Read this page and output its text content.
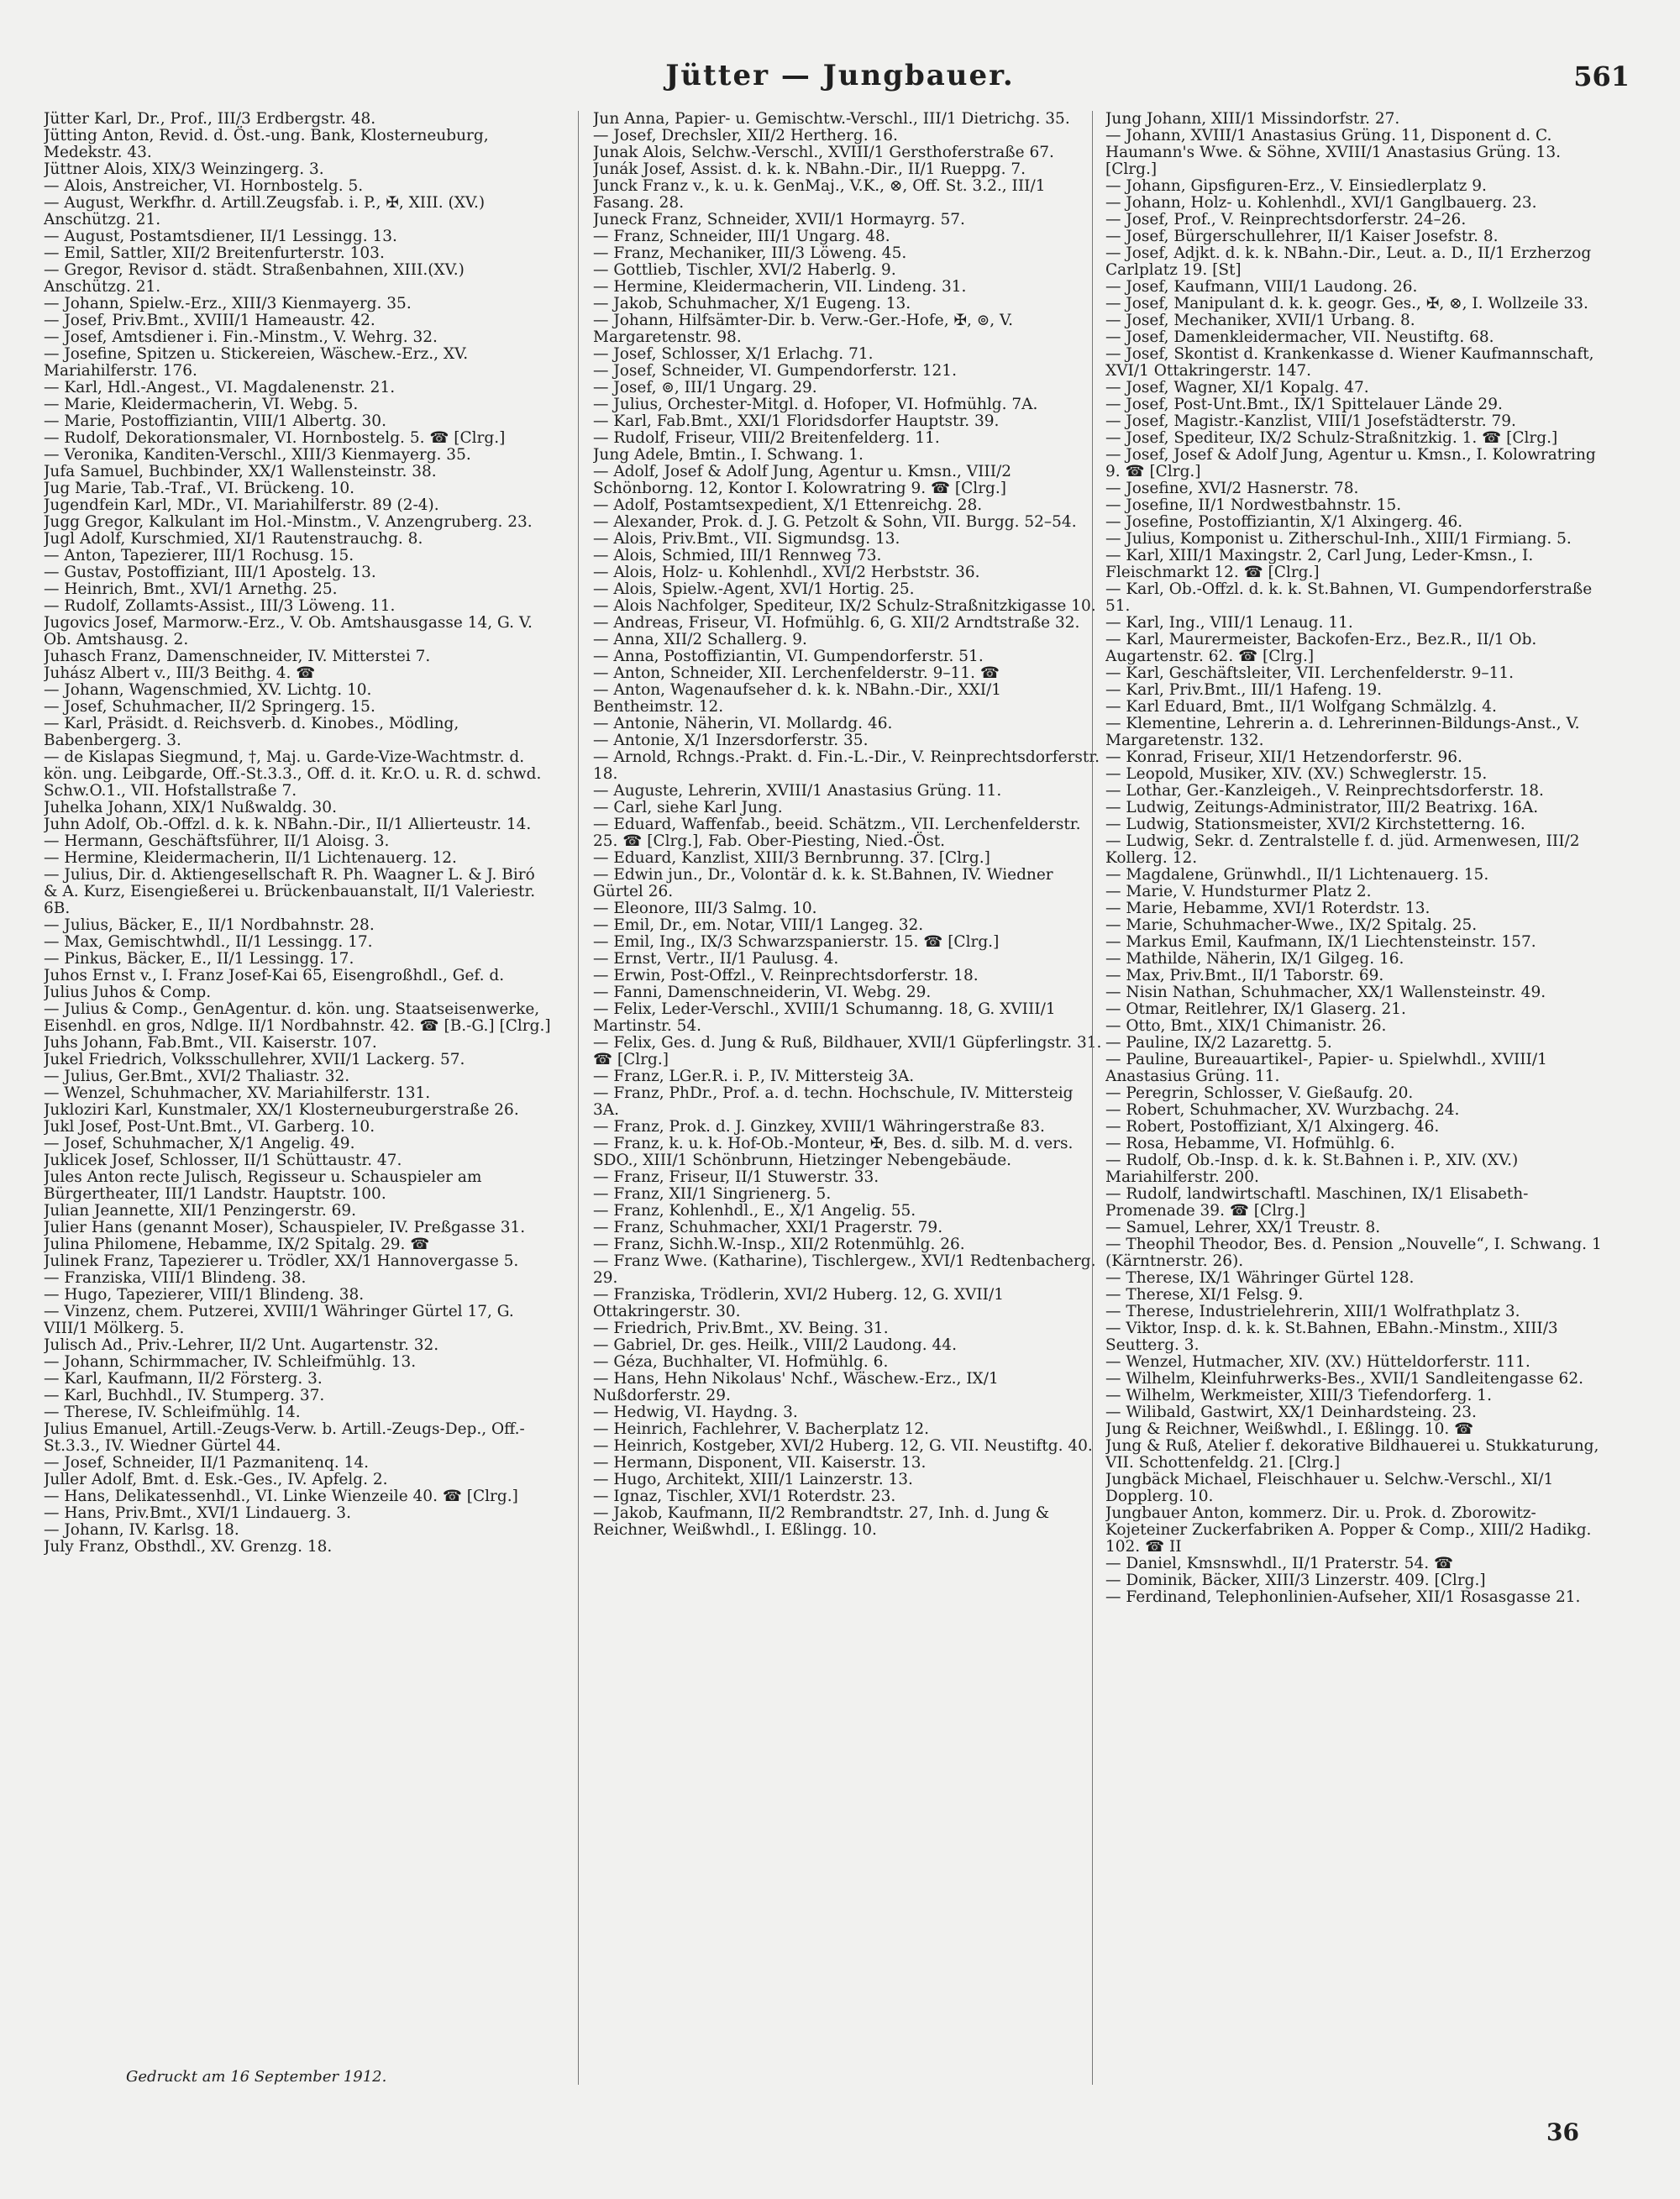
Jütter — Jungbauer.	561

Jütter Karl, Dr., Prof., III/3 Erdbergstr. 48.

Jütting Anton, Revid. d. Öst.-ung. Bank, Klosterneuburg, Medekstr. 43.

Jüttner Alois, XIX/3 Weinzingerg. 3.

— Alois, Anstreicher, VI. Hornbostelg. 5.

— August, Werkfhr. d. Artill.Zeugsfab. i. P., ✠, XIII. (XV.) Anschützg. 21.

— August, Postamtsdiener, II/1 Lessingg. 13.

— Emil, Sattler, XII/2 Breitenfurterstr. 103.

— Gregor, Revisor d. städt. Straßenbahnen, XIII.(XV.) Anschützg. 21.

— Johann, Spielw.-Erz., XIII/3 Kienmayerg. 35.

— Josef, Priv.Bmt., XVIII/1 Hameaustr. 42.

— Josef, Amtsdiener i. Fin.-Minstm., V. Wehrg. 32.

— Josefine, Spitzen u. Stickereien, Wäschew.-Erz., XV. Mariahilferstr. 176.

— Karl, Hdl.-Angest., VI. Magdalenenstr. 21.

— Marie, Kleidermacherin, VI. Webg. 5.

— Marie, Postoffiziantin, VIII/1 Albertg. 30.

— Rudolf, Dekorationsmaler, VI. Hornbostelg. 5. ☎ [Clrg.]

— Veronika, Kanditen-Verschl., XIII/3 Kienmayerg. 35.

Jufa Samuel, Buchbinder, XX/1 Wallensteinstr. 38.

Jug Marie, Tab.-Traf., VI. Brückeng. 10.

Jugendfein Karl, MDr., VI. Mariahilferstr. 89 (2-4).

Jugg Gregor, Kalkulant im Hol.-Minstm., V. Anzengruberg. 23.

Jugl Adolf, Kurschmied, XI/1 Rautenstrauchg. 8.

— Anton, Tapezierer, III/1 Rochusg. 15.

— Gustav, Postoffiziant, III/1 Apostelg. 13.

— Heinrich, Bmt., XVI/1 Arnethg. 25.

— Rudolf, Zollamts-Assist., III/3 Löweng. 11.

Jugovics Josef, Marmorw.-Erz., V. Ob. Amtshausgasse 14, G. V. Ob. Amtshausg. 2.

Juhasch Franz, Damenschneider, IV. Mitterstei 7.

Juhász Albert v., III/3 Beithg. 4. ☎

— Johann, Wagenschmied, XV. Lichtg. 10.

— Josef, Schuhmacher, II/2 Springerg. 15.

— Karl, Präsidt. d. Reichsverb. d. Kinobes., Mödling, Babenbergerg. 3.

— de Kislapas Siegmund, †, Maj. u. Garde-Vize-Wachtmstr. d. kön. ung. Leibgarde, Off.-St.3.3., Off. d. it. Kr.O. u. R. d. schwd. Schw.O.1., VII. Hofstallstraße 7.

Juhelka Johann, XIX/1 Nußwaldg. 30.

Juhn Adolf, Ob.-Offzl. d. k. k. NBahn.-Dir., II/1 Allierteustr. 14.

— Hermann, Geschäftsführer, II/1 Aloisg. 3.

— Hermine, Kleidermacherin, II/1 Lichtenauerg. 12.

— Julius, Dir. d. Aktiengesellschaft R. Ph. Waagner L. & J. Biró & A. Kurz, Eisengießerei u. Brückenbauanstalt, II/1 Valeriestr. 6B.

— Julius, Bäcker, E., II/1 Nordbahnstr. 28.

— Max, Gemischtwhdl., II/1 Lessingg. 17.

— Pinkus, Bäcker, E., II/1 Lessingg. 17.

Juhos Ernst v., I. Franz Josef-Kai 65, Eisengroßhdl., Gef. d. Julius Juhos & Comp.

— Julius & Comp., GenAgentur. d. kön. ung. Staatseisenwerke, Eisenhdl. en gros, Ndlge. II/1 Nordbahnstr. 42. ☎ [B.-G.] [Clrg.]

Juhs Johann, Fab.Bmt., VII. Kaiserstr. 107.

Jukel Friedrich, Volksschullehrer, XVII/1 Lackerg. 57.

— Julius, Ger.Bmt., XVI/2 Thaliastr. 32.

— Wenzel, Schuhmacher, XV. Mariahilferstr. 131.

Jukloziri Karl, Kunstmaler, XX/1 Klosterneuburgerstraße 26.

Jukl Josef, Post-Unt.Bmt., VI. Garberg. 10.

— Josef, Schuhmacher, X/1 Angelig. 49.

Juklicek Josef, Schlosser, II/1 Schüttaustr. 47.

Jules Anton recte Julisch, Regisseur u. Schauspieler am Bürgertheater, III/1 Landstr. Hauptstr. 100.

Julian Jeannette, XII/1 Penzingerstr. 69.

Julier Hans (genannt Moser), Schauspieler, IV. Preßgasse 31.

Julina Philomene, Hebamme, IX/2 Spitalg. 29. ☎

Julinek Franz, Tapezierer u. Trödler, XX/1 Hannovergasse 5.

— Franziska, VIII/1 Blindeng. 38.

— Hugo, Tapezierer, VIII/1 Blindeng. 38.

— Vinzenz, chem. Putzerei, XVIII/1 Währinger Gürtel 17, G. VIII/1 Mölkerg. 5.

Julisch Ad., Priv.-Lehrer, II/2 Unt. Augartenstr. 32.

— Johann, Schirmmacher, IV. Schleifmühlg. 13.

— Karl, Kaufmann, II/2 Försterg. 3.

— Karl, Buchhdl., IV. Stumperg. 37.

— Therese, IV. Schleifmühlg. 14.

Julius Emanuel, Artill.-Zeugs-Verw. b. Artill.-Zeugs-Dep., Off.-St.3.3., IV. Wiedner Gürtel 44.

— Josef, Schneider, II/1 Pazmanitenq. 14.

Juller Adolf, Bmt. d. Esk.-Ges., IV. Apfelg. 2.

— Hans, Delikatessenhdl., VI. Linke Wienzeile 40. ☎ [Clrg.]

— Hans, Priv.Bmt., XVI/1 Lindauerg. 3.

— Johann, IV. Karlsg. 18.

July Franz, Obsthdl., XV. Grenzg. 18.

Jun Anna, Papier- u. Gemischtw.-Verschl., III/1 Dietrichg. 35.

— Josef, Drechsler, XII/2 Hertherg. 16.

Junak Alois, Selchw.-Verschl., XVIII/1 Gersthoferstraße 67.

Junák Josef, Assist. d. k. k. NBahn.-Dir., II/1 Rueppg. 7.

Junck Franz v., k. u. k. GenMaj., V.K., ⊗, Off. St. 3.2., III/1 Fasang. 28.

Juneck Franz, Schneider, XVII/1 Hormayrg. 57.

— Franz, Schneider, III/1 Ungarg. 48.

— Franz, Mechaniker, III/3 Löweng. 45.

— Gottlieb, Tischler, XVI/2 Haberlg. 9.

— Hermine, Kleidermacherin, VII. Lindeng. 31.

— Jakob, Schuhmacher, X/1 Eugeng. 13.

— Johann, Hilfsämter-Dir. b. Verw.-Ger.-Hofe, ✠, ⊚, V. Margaretenstr. 98.

— Josef, Schlosser, X/1 Erlachg. 71.

— Josef, Schneider, VI. Gumpendorferstr. 121.

— Josef, ⊚, III/1 Ungarg. 29.

— Julius, Orchester-Mitgl. d. Hofoper, VI. Hofmühlg. 7A.

— Karl, Fab.Bmt., XXI/1 Floridsdorfer Hauptstr. 39.

— Rudolf, Friseur, VIII/2 Breitenfelderg. 11.

Jung Adele, Bmtin., I. Schwang. 1.

— Adolf, Josef & Adolf Jung, Agentur u. Kmsn., VIII/2 Schönborng. 12, Kontor I. Kolowratring 9. ☎ [Clrg.]

— Adolf, Postamtsexpedient, X/1 Ettenreichg. 28.

— Alexander, Prok. d. J. G. Petzolt & Sohn, VII. Burgg. 52–54.

— Alois, Priv.Bmt., VII. Sigmundsg. 13.

— Alois, Schmied, III/1 Rennweg 73.

— Alois, Holz- u. Kohlenhdl., XVI/2 Herbststr. 36.

— Alois, Spielw.-Agent, XVI/1 Hortig. 25.

— Alois Nachfolger, Spediteur, IX/2 Schulz-Straßnitzkigasse 10.

— Andreas, Friseur, VI. Hofmühlg. 6, G. XII/2 Arndtstraße 32.

— Anna, XII/2 Schallerg. 9.

— Anna, Postoffiziantin, VI. Gumpendorferstr. 51.

— Anton, Schneider, XII. Lerchenfelderstr. 9–11. ☎

— Anton, Wagenaufseher d. k. k. NBahn.-Dir., XXI/1 Bentheimstr. 12.

— Antonie, Näherin, VI. Mollardg. 46.

— Antonie, X/1 Inzersdorferstr. 35.

— Arnold, Rchngs.-Prakt. d. Fin.-L.-Dir., V. Reinprechtsdorferstr. 18.

— Auguste, Lehrerin, XVIII/1 Anastasius Grüng. 11.

— Carl, siehe Karl Jung.

— Eduard, Waffenfab., beeid. Schätzm., VII. Lerchenfelderstr. 25. ☎ [Clrg.], Fab. Ober-Piesting, Nied.-Öst.

— Eduard, Kanzlist, XIII/3 Bernbrunng. 37. [Clrg.]

— Edwin jun., Dr., Volontär d. k. k. St.Bahnen, IV. Wiedner Gürtel 26.

— Eleonore, III/3 Salmg. 10.

— Emil, Dr., em. Notar, VIII/1 Langeg. 32.

— Emil, Ing., IX/3 Schwarzspanierstr. 15. ☎ [Clrg.]

— Ernst, Vertr., II/1 Paulusg. 4.

— Erwin, Post-Offzl., V. Reinprechtsdorferstr. 18.

— Fanni, Damenschneiderin, VI. Webg. 29.

— Felix, Leder-Verschl., XVIII/1 Schumanng. 18, G. XVIII/1 Martinstr. 54.

— Felix, Ges. d. Jung & Ruß, Bildhauer, XVII/1 Güpferlingstr. 31. ☎ [Clrg.]

— Franz, LGer.R. i. P., IV. Mittersteig 3A.

— Franz, PhDr., Prof. a. d. techn. Hochschule, IV. Mittersteig 3A.

— Franz, Prok. d. J. Ginzkey, XVIII/1 Währingerstraße 83.

— Franz, k. u. k. Hof-Ob.-Monteur, ✠, Bes. d. silb. M. d. vers. SDO., XIII/1 Schönbrunn, Hietzinger Nebengebäude.

— Franz, Friseur, II/1 Stuwerstr. 33.

— Franz, XII/1 Singrienerg. 5.

— Franz, Kohlenhdl., E., X/1 Angelig. 55.

— Franz, Schuhmacher, XXI/1 Pragerstr. 79.

— Franz, Sichh.W.-Insp., XII/2 Rotenmühlg. 26.

— Franz Wwe. (Katharine), Tischlergew., XVI/1 Redtenbacherg. 29.

— Franziska, Trödlerin, XVI/2 Huberg. 12, G. XVII/1 Ottakringerstr. 30.

— Friedrich, Priv.Bmt., XV. Being. 31.

— Gabriel, Dr. ges. Heilk., VIII/2 Laudong. 44.

— Géza, Buchhalter, VI. Hofmühlg. 6.

— Hans, Hehn Nikolaus' Nchf., Wäschew.-Erz., IX/1 Nußdorferstr. 29.

— Hedwig, VI. Haydng. 3.

— Heinrich, Fachlehrer, V. Bacherplatz 12.

— Heinrich, Kostgeber, XVI/2 Huberg. 12, G. VII. Neustiftg. 40.

— Hermann, Disponent, VII. Kaiserstr. 13.

— Hugo, Architekt, XIII/1 Lainzerstr. 13.

— Ignaz, Tischler, XVI/1 Roterdstr. 23.

— Jakob, Kaufmann, II/2 Rembrandtstr. 27, Inh. d. Jung & Reichner, Weißwhdl., I. Eßlingg. 10.

Jung Johann, XIII/1 Missindorfstr. 27.

— Johann, XVIII/1 Anastasius Grüng. 11, Disponent d. C. Haumann's Wwe. & Söhne, XVIII/1 Anastasius Grüng. 13. [Clrg.]

— Johann, Gipsfiguren-Erz., V. Einsiedlerplatz 9.

— Johann, Holz- u. Kohlenhdl., XVI/1 Ganglbauerg. 23.

— Josef, Prof., V. Reinprechtsdorferstr. 24–26.

— Josef, Bürgerschullehrer, II/1 Kaiser Josefstr. 8.

— Josef, Adjkt. d. k. k. NBahn.-Dir., Leut. a. D., II/1 Erzherzog Carlplatz 19. [St]

— Josef, Kaufmann, VIII/1 Laudong. 26.

— Josef, Manipulant d. k. k. geogr. Ges., ✠, ⊗, I. Wollzeile 33.

— Josef, Mechaniker, XVII/1 Urbang. 8.

— Josef, Damenkleidermacher, VII. Neustiftg. 68.

— Josef, Skontist d. Krankenkasse d. Wiener Kaufmannschaft, XVI/1 Ottakringerstr. 147.

— Josef, Wagner, XI/1 Kopalg. 47.

— Josef, Post-Unt.Bmt., IX/1 Spittelauer Lände 29.

— Josef, Magistr.-Kanzlist, VIII/1 Josefstädterstr. 79.

— Josef, Spediteur, IX/2 Schulz-Straßnitzkig. 1. ☎ [Clrg.]

— Josef, Josef & Adolf Jung, Agentur u. Kmsn., I. Kolowratring 9. ☎ [Clrg.]

— Josefine, XVI/2 Hasnerstr. 78.

— Josefine, II/1 Nordwestbahnstr. 15.

— Josefine, Postoffiziantin, X/1 Alxingerg. 46.

— Julius, Komponist u. Zitherschul-Inh., XIII/1 Firmiang. 5.

— Karl, XIII/1 Maxingstr. 2, Carl Jung, Leder-Kmsn., I. Fleischmarkt 12. ☎ [Clrg.]

— Karl, Ob.-Offzl. d. k. k. St.Bahnen, VI. Gumpendorferstraße 51.

— Karl, Ing., VIII/1 Lenaug. 11.

— Karl, Maurermeister, Backofen-Erz., Bez.R., II/1 Ob. Augartenstr. 62. ☎ [Clrg.]

— Karl, Geschäftsleiter, VII. Lerchenfelderstr. 9–11.

— Karl, Priv.Bmt., III/1 Hafeng. 19.

— Karl Eduard, Bmt., II/1 Wolfgang Schmälzlg. 4.

— Klementine, Lehrerin a. d. Lehrerinnen-Bildungs-Anst., V. Margaretenstr. 132.

— Konrad, Friseur, XII/1 Hetzendorferstr. 96.

— Leopold, Musiker, XIV. (XV.) Schweglerstr. 15.

— Lothar, Ger.-Kanzleigeh., V. Reinprechtsdorferstr. 18.

— Ludwig, Zeitungs-Administrator, III/2 Beatrixg. 16A.

— Ludwig, Stationsmeister, XVI/2 Kirchstetterng. 16.

— Ludwig, Sekr. d. Zentralstelle f. d. jüd. Armenwesen, III/2 Kollerg. 12.

— Magdalene, Grünwhdl., II/1 Lichtenauerg. 15.

— Marie, V. Hundsturmer Platz 2.

— Marie, Hebamme, XVI/1 Roterdstr. 13.

— Marie, Schuhmacher-Wwe., IX/2 Spitalg. 25.

— Markus Emil, Kaufmann, IX/1 Liechtensteinstr. 157.

— Mathilde, Näherin, IX/1 Gilgeg. 16.

— Max, Priv.Bmt., II/1 Taborstr. 69.

— Nisin Nathan, Schuhmacher, XX/1 Wallensteinstr. 49.

— Otmar, Reitlehrer, IX/1 Glaserg. 21.

— Otto, Bmt., XIX/1 Chimanistr. 26.

— Pauline, IX/2 Lazarettg. 5.

— Pauline, Bureauartikel-, Papier- u. Spielwhdl., XVIII/1 Anastasius Grüng. 11.

— Peregrin, Schlosser, V. Gießaufg. 20.

— Robert, Schuhmacher, XV. Wurzbachg. 24.

— Robert, Postoffiziant, X/1 Alxingerg. 46.

— Rosa, Hebamme, VI. Hofmühlg. 6.

— Rudolf, Ob.-Insp. d. k. k. St.Bahnen i. P., XIV. (XV.) Mariahilferstr. 200.

— Rudolf, landwirtschaftl. Maschinen, IX/1 Elisabeth-Promenade 39. ☎ [Clrg.]

— Samuel, Lehrer, XX/1 Treustr. 8.

— Theophil Theodor, Bes. d. Pension „Nouvelle“, I. Schwang. 1 (Kärntnerstr. 26).

— Therese, IX/1 Währinger Gürtel 128.

— Therese, XI/1 Felsg. 9.

— Therese, Industrielehrerin, XIII/1 Wolfrathplatz 3.

— Viktor, Insp. d. k. k. St.Bahnen, EBahn.-Minstm., XIII/3 Seutterg. 3.

— Wenzel, Hutmacher, XIV. (XV.) Hütteldorferstr. 111.

— Wilhelm, Kleinfuhrwerks-Bes., XVII/1 Sandleitengasse 62.

— Wilhelm, Werkmeister, XIII/3 Tiefendorferg. 1.

— Wilibald, Gastwirt, XX/1 Deinhardsteing. 23.

Jung & Reichner, Weißwhdl., I. Eßlingg. 10. ☎

Jung & Ruß, Atelier f. dekorative Bildhauerei u. Stukkaturung, VII. Schottenfeldg. 21. [Clrg.]

Jungbäck Michael, Fleischhauer u. Selchw.-Verschl., XI/1 Dopplerg. 10.

Jungbauer Anton, kommerz. Dir. u. Prok. d. Zborowitz-Kojeteiner Zuckerfabriken A. Popper & Comp., XIII/2 Hadikg. 102. ☎ II

— Daniel, Kmsnswhdl., II/1 Praterstr. 54. ☎

— Dominik, Bäcker, XIII/3 Linzerstr. 409. [Clrg.]

— Ferdinand, Telephonlinien-Aufseher, XII/1 Rosasgasse 21.

Gedruckt am 16 September 1912.
36
